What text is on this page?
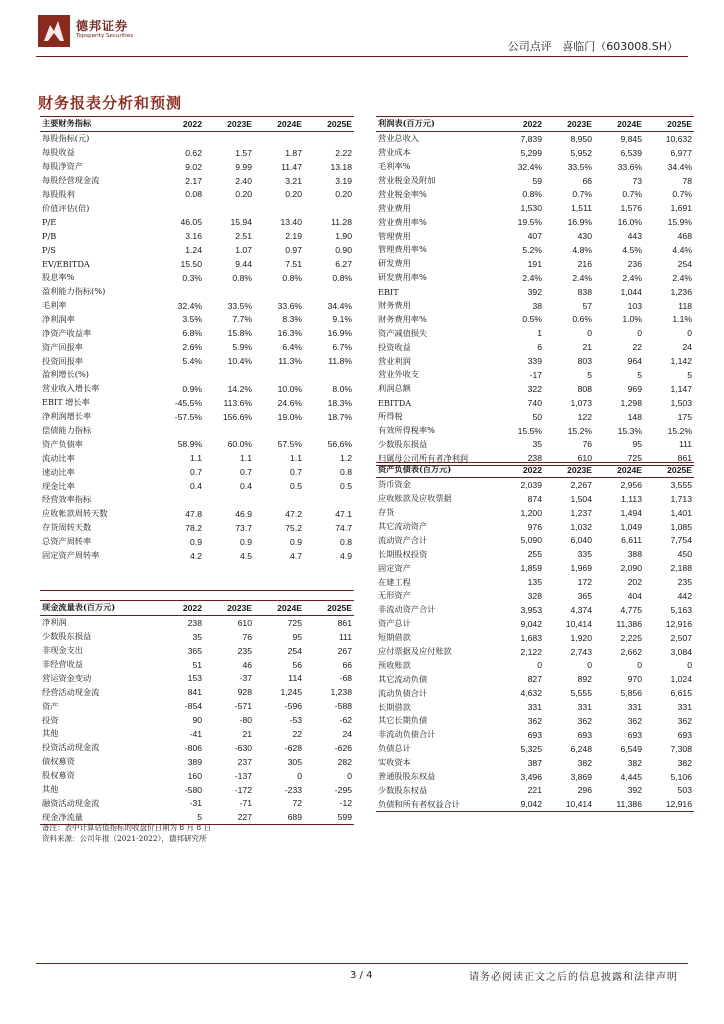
德邦证券
Topsperity Securities
公司点评 喜临门（603008.SH）
财务报表分析和预测
主要财务指标	2022	2023E	2024E	2025E
每股指标(元)				
每股收益	0.62	1.57	1.87	2.22
每股净资产	9.02	9.99	11.47	13.18
每股经营现金流	2.17	2.40	3.21	3.19
每股股利	0.08	0.20	0.20	0.20
价值评估(倍)				
P/E	46.05	15.94	13.40	11.28
P/B	3.16	2.51	2.19	1.90
P/S	1.24	1.07	0.97	0.90
EV/EBITDA	15.50	9.44	7.51	6.27
股息率%	0.3%	0.8%	0.8%	0.8%
盈利能力指标(%)				
毛利率	32.4%	33.5%	33.6%	34.4%
净利润率	3.5%	7.7%	8.3%	9.1%
净资产收益率	6.8%	15.8%	16.3%	16.9%
资产回报率	2.6%	5.9%	6.4%	6.7%
投资回报率	5.4%	10.4%	11.3%	11.8%
盈利增长(%)				
营业收入增长率	0.9%	14.2%	10.0%	8.0%
EBIT 增长率	-45.5%	113.6%	24.6%	18.3%
净利润增长率	-57.5%	156.6%	19.0%	18.7%
偿债能力指标				
资产负债率	58.9%	60.0%	57.5%	56.6%
流动比率	1.1	1.1	1.1	1.2
速动比率	0.7	0.7	0.7	0.8
现金比率	0.4	0.4	0.5	0.5
经营效率指标				
应收帐款周转天数	47.8	46.9	47.2	47.1
存货周转天数	78.2	73.7	75.2	74.7
总资产周转率	0.9	0.9	0.9	0.8
固定资产周转率	4.2	4.5	4.7	4.9

利润表(百万元)	2022	2023E	2024E	2025E
营业总收入	7,839	8,950	9,845	10,632
营业成本	5,299	5,952	6,539	6,977
毛利率%	32.4%	33.5%	33.6%	34.4%
营业税金及附加	59	66	73	78
营业税金率%	0.8%	0.7%	0.7%	0.7%
营业费用	1,530	1,511	1,576	1,691
营业费用率%	19.5%	16.9%	16.0%	15.9%
管理费用	407	430	443	468
管理费用率%	5.2%	4.8%	4.5%	4.4%
研发费用	191	216	236	254
研发费用率%	2.4%	2.4%	2.4%	2.4%
EBIT	392	838	1,044	1,236
财务费用	38	57	103	118
财务费用率%	0.5%	0.6%	1.0%	1.1%
资产减值损失	1	0	0	0
投资收益	6	21	22	24
营业利润	339	803	964	1,142
营业外收支	-17	5	5	5
利润总额	322	808	969	1,147
EBITDA	740	1,073	1,298	1,503
所得税	50	122	148	175
有效所得税率%	15.5%	15.2%	15.3%	15.2%
少数股东损益	35	76	95	111
归属母公司所有者净利润	238	610	725	861
资产负债表(百万元)	2022	2023E	2024E	2025E
货币资金	2,039	2,267	2,956	3,555
应收账款及应收票据	874	1,504	1,113	1,713
存货	1,200	1,237	1,494	1,401
其它流动资产	976	1,032	1,049	1,085
流动资产合计	5,090	6,040	6,611	7,754
长期股权投资	255	335	388	450
固定资产	1,859	1,969	2,090	2,188
在建工程	135	172	202	235
无形资产	328	365	404	442
非流动资产合计	3,953	4,374	4,775	5,163
资产总计	9,042	10,414	11,386	12,916
短期借款	1,683	1,920	2,225	2,507
应付票据及应付账款	2,122	2,743	2,662	3,084
预收账款	0	0	0	0
其它流动负债	827	892	970	1,024
流动负债合计	4,632	5,555	5,856	6,615
长期借款	331	331	331	331
其它长期负债	362	362	362	362
非流动负债合计	693	693	693	693
负债总计	5,325	6,248	6,549	7,308
实收资本	387	382	382	382
普通股股东权益	3,496	3,869	4,445	5,106
少数股东权益	221	296	392	503
负债和所有者权益合计	9,042	10,414	11,386	12,916
现金流量表(百万元)	2022	2023E	2024E	2025E
净利润	238	610	725	861
少数股东损益	35	76	95	111
非现金支出	365	235	254	267
非经营收益	51	46	56	66
营运资金变动	153	-37	114	-68
经营活动现金流	841	928	1,245	1,238
资产	-854	-571	-596	-588
投资	90	-80	-53	-62
其他	-41	21	22	24
投资活动现金流	-806	-630	-628	-626
债权募资	389	237	305	282
股权募资	160	-137	0	0
其他	-580	-172	-233	-295
融资活动现金流	-31	-71	72	-12
现金净流量	5	227	689	599
备注：表中计算估值指标的收盘价日期为 8 月 8 日
资料来源：公司年报（2021-2022），德邦研究所
3 / 4	请务必阅读正文之后的信息披露和法律声明
